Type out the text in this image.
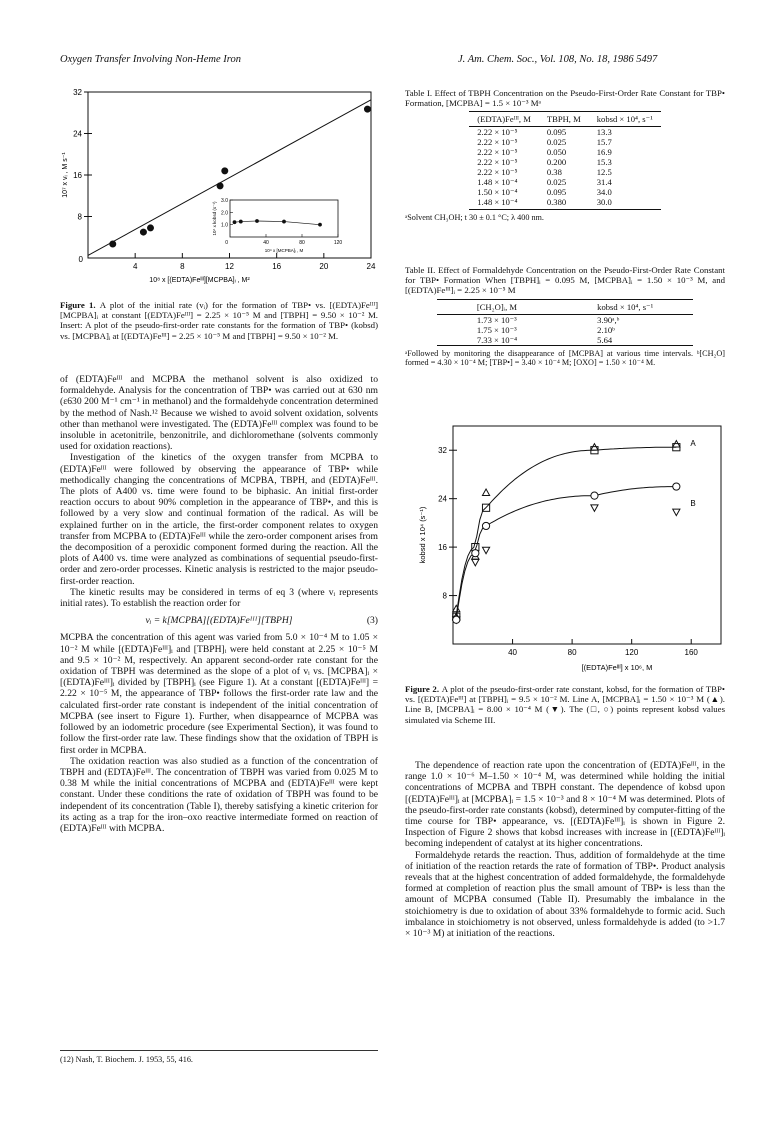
Oxygen Transfer Involving Non-Heme Iron	J. Am. Chem. Soc., Vol. 108, No. 18, 1986 5497
0
4	8	12	16	20	24
8
16
24
32
10⁸ x [(EDTA)Feᴵᴵᴵ][MCPBA]ᵢ , M²
10⁷ x vᵢ , M s⁻¹
0	40	80	120
1.0
2.0
3.0
10⁴ x [MCPBA]ᵢ , M
10⁴ x kobsd (s⁻¹)

Figure 1. A plot of the initial rate (vᵢ) for the formation of TBP• vs. [(EDTA)Feᴵᴵᴵ][MCPBA]ᵢ at constant [(EDTA)Feᴵᴵᴵ] = 2.25 × 10⁻⁵ M and [TBPH] = 9.50 × 10⁻² M. Insert: A plot of the pseudo-first-order rate constants for the formation of TBP• (kobsd) vs. [MCPBA]ᵢ at [(EDTA)Feᴵᴵᴵ] = 2.25 × 10⁻⁵ M and [TBPH] = 9.50 × 10⁻² M.

of (EDTA)Feᴵᴵᴵ and MCPBA the methanol solvent is also oxidized to formaldehyde. Analysis for the concentration of TBP• was carried out at 630 nm (ε630 200 M⁻¹ cm⁻¹ in methanol) and the formaldehyde concentration determined by the method of Nash.¹² Because we wished to avoid solvent oxidation, solvents other than methanol were investigated. The (EDTA)Feᴵᴵᴵ complex was found to be insoluble in acetonitrile, benzonitrile, and dichloromethane (solvents commonly used for oxidation reactions).

Investigation of the kinetics of the oxygen transfer from MCPBA to (EDTA)Feᴵᴵᴵ were followed by observing the appearance of TBP• while methodically changing the concentrations of MCPBA, TBPH, and (EDTA)Feᴵᴵᴵ. The plots of A400 vs. time were found to be biphasic. An initial first-order reaction occurs to about 90% completion in the appearance of TBP•, and this is followed by a very slow and continual formation of the radical. As will be explained further on in the article, the first-order component relates to oxygen transfer from MCPBA to (EDTA)Feᴵᴵᴵ while the zero-order component arises from the decomposition of a peroxidic component formed during the reaction. All the plots of A400 vs. time were analyzed as combinations of sequential pseudo-first-order and zero-order processes. Kinetic analysis is restricted to the major pseudo-first-order reaction.

The kinetic results may be considered in terms of eq 3 (where vᵢ represents initial rates). To establish the reaction order for

vᵢ = k[MCPBA][(EDTA)Feᴵᴵᴵ][TBPH]	(3)

MCPBA the concentration of this agent was varied from 5.0 × 10⁻⁴ M to 1.05 × 10⁻² M while [(EDTA)Feᴵᴵᴵ]ᵢ and [TBPH]ᵢ were held constant at 2.25 × 10⁻⁵ M and 9.5 × 10⁻² M, respectively. An apparent second-order rate constant for the oxidation of TBPH was determined as the slope of a plot of vᵢ vs. [MCPBA]ᵢ × [(EDTA)Feᴵᴵᴵ]ᵢ divided by [TBPH]ᵢ (see Figure 1). At a constant [(EDTA)Feᴵᴵᴵ] = 2.22 × 10⁻⁵ M, the appearance of TBP• follows the first-order rate law and the calculated first-order rate constant is independent of the initial concentration of MCPBA (see insert to Figure 1). Further, when disappearnce of MCPBA was followed by an iodometric procedure (see Experimental Section), it was found to follow the first-order rate law. These findings show that the oxidation of TBPH is first order in MCPBA.

The oxidation reaction was also studied as a function of the concentration of TBPH and (EDTA)Feᴵᴵᴵ. The concentration of TBPH was varied from 0.025 M to 0.38 M while the initial concentrations of MCPBA and (EDTA)Feᴵᴵᴵ were kept constant. Under these conditions the rate of oxidation of TBPH was found to be independent of its concentration (Table I), thereby satisfying a kinetic criterion for its acting as a trap for the iron–oxo reactive intermediate formed on reaction of (EDTA)Feᴵᴵᴵ with MCPBA.

(12) Nash, T. Biochem. J. 1953, 55, 416.

Table I. Effect of TBPH Concentration on the Pseudo-First-Order Rate Constant for TBP• Formation, [MCPBA] = 1.5 × 10⁻³ Mᵃ

(EDTA)Feᴵᴵᴵ, M	TBPH, M	kobsd × 10⁴, s⁻¹
2.22 × 10⁻⁵	0.095	13.3
2.22 × 10⁻⁵	0.025	15.7
2.22 × 10⁻⁵	0.050	16.9
2.22 × 10⁻⁵	0.200	15.3
2.22 × 10⁻⁵	0.38	12.5
1.48 × 10⁻⁴	0.025	31.4
1.50 × 10⁻⁴	0.095	34.0
1.48 × 10⁻⁴	0.380	30.0

ᵃSolvent CH₃OH; t 30 ± 0.1 °C; λ 400 nm.

Table II. Effect of Formaldehyde Concentration on the Pseudo-First-Order Rate Constant for TBP• Formation When [TBPH]ᵢ = 0.095 M, [MCPBA]ᵢ = 1.50 × 10⁻³ M, and [(EDTA)Feᴵᴵᴵ]ᵢ = 2.25 × 10⁻⁵ M

[CH₂O]ᵢ, M	kobsd × 10⁴, s⁻¹
1.73 × 10⁻³	3.90ᵃ,ᵇ
1.75 × 10⁻³	2.10ᵇ
7.33 × 10⁻⁴	5.64

ᵃFollowed by monitoring the disappearance of [MCPBA] at various time intervals. ᵇ[CH₂O] formed = 4.30 × 10⁻⁴ M; [TBP•] = 3.40 × 10⁻⁴ M; [OXO] = 1.50 × 10⁻⁴ M.

40	80	120	160
8
16
24
32
[(EDTA)Feᴵᴵᴵ] x 10⁶, M
kobsd x 10⁴ (s⁻¹)
A
B

Figure 2. A plot of the pseudo-first-order rate constant, kobsd, for the formation of TBP• vs. [(EDTA)Feᴵᴵᴵ] at [TBPH]ᵢ = 9.5 × 10⁻² M. Line A, [MCPBA]ᵢ = 1.50 × 10⁻³ M (▲). Line B, [MCPBA]ᵢ = 8.00 × 10⁻⁴ M (▼). The (□, ○) points represent kobsd values simulated via Scheme III.

The dependence of reaction rate upon the concentration of (EDTA)Feᴵᴵᴵ, in the range 1.0 × 10⁻⁶ M–1.50 × 10⁻⁴ M, was determined while holding the initial concentrations of MCPBA and TBPH constant. The dependence of kobsd upon [(EDTA)Feᴵᴵᴵ]ᵢ at [MCPBA]ᵢ = 1.5 × 10⁻³ and 8 × 10⁻⁴ M was determined. Plots of the pseudo-first-order rate constants (kobsd), determined by computer-fitting of the time course for TBP• appearance, vs. [(EDTA)Feᴵᴵᴵ]ᵢ is shown in Figure 2. Inspection of Figure 2 shows that kobsd increases with increase in [(EDTA)Feᴵᴵᴵ]ᵢ becoming independent of catalyst at its higher concentrations.

Formaldehyde retards the reaction. Thus, addition of formaldehyde at the time of initiation of the reaction retards the rate of formation of TBP•. Product analysis reveals that at the highest concentration of added formaldehyde, the formaldehyde formed at completion of reaction plus the small amount of TBP• is less than the amount of MCPBA consumed (Table II). Presumably the imbalance in the stoichiometry is due to oxidation of about 33% formaldehyde to formic acid. Such imbalance in stoichiometry is not observed, unless formaldehyde is added (to >1.7 × 10⁻³ M) at initiation of the reactions.
